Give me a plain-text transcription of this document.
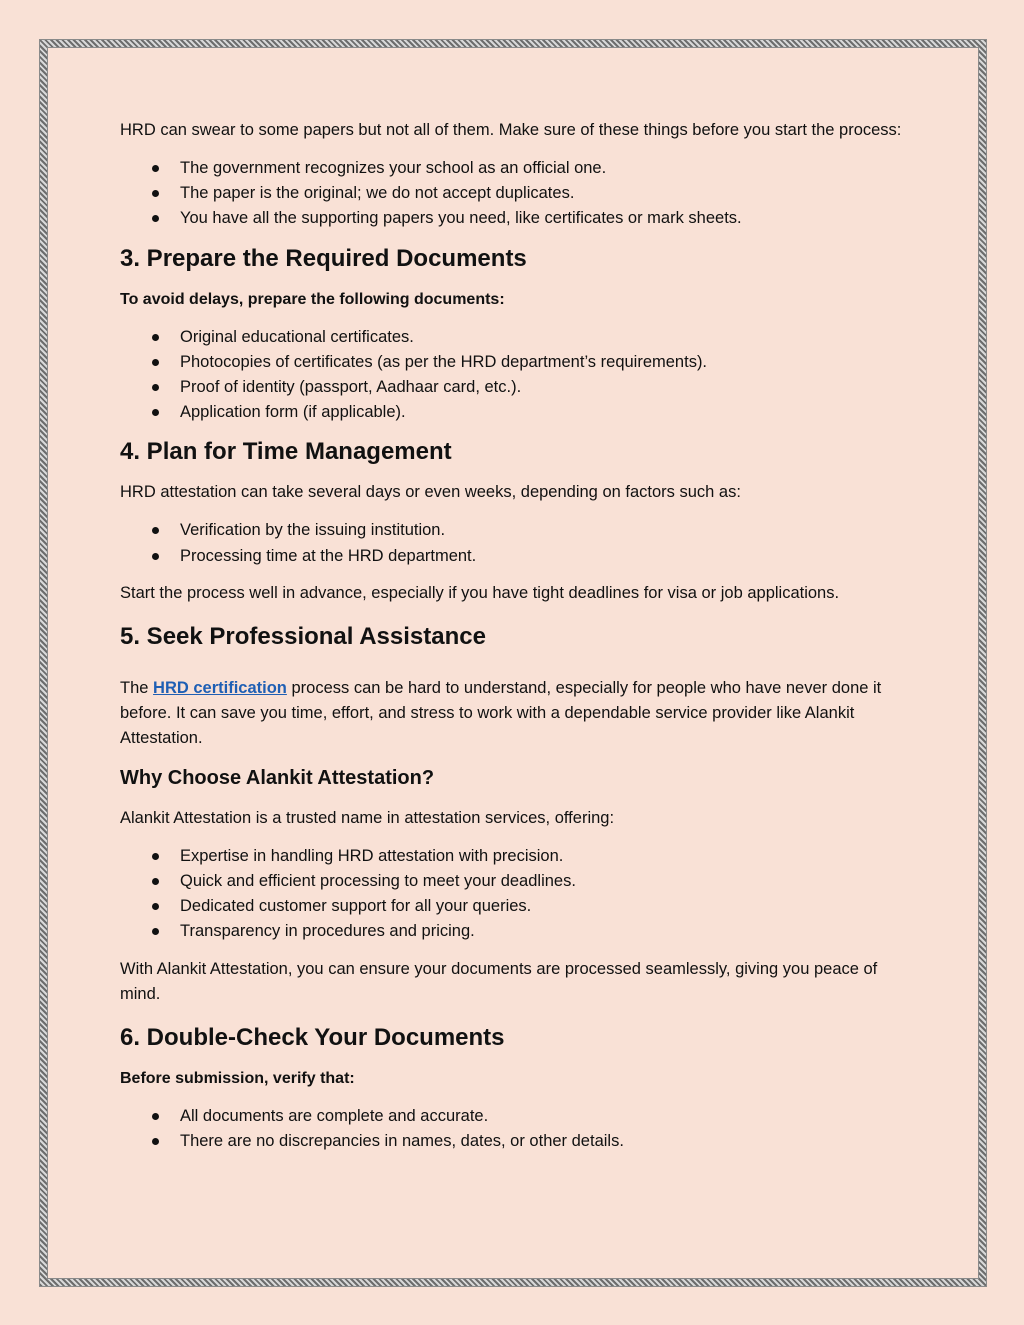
HRD can swear to some papers but not all of them. Make sure of these things before you start the process:

The government recognizes your school as an official one.
The paper is the original; we do not accept duplicates.
You have all the supporting papers you need, like certificates or mark sheets.
3. Prepare the Required Documents

To avoid delays, prepare the following documents:

Original educational certificates.
Photocopies of certificates (as per the HRD department’s requirements).
Proof of identity (passport, Aadhaar card, etc.).
Application form (if applicable).
4. Plan for Time Management

HRD attestation can take several days or even weeks, depending on factors such as:

Verification by the issuing institution.
Processing time at the HRD department.

Start the process well in advance, especially if you have tight deadlines for visa or job applications.

5. Seek Professional Assistance

The HRD certification process can be hard to understand, especially for people who have never done it before. It can save you time, effort, and stress to work with a dependable service provider like Alankit Attestation.

Why Choose Alankit Attestation?

Alankit Attestation is a trusted name in attestation services, offering:

Expertise in handling HRD attestation with precision.
Quick and efficient processing to meet your deadlines.
Dedicated customer support for all your queries.
Transparency in procedures and pricing.

With Alankit Attestation, you can ensure your documents are processed seamlessly, giving you peace of mind.

6. Double-Check Your Documents

Before submission, verify that:

All documents are complete and accurate.
There are no discrepancies in names, dates, or other details.
